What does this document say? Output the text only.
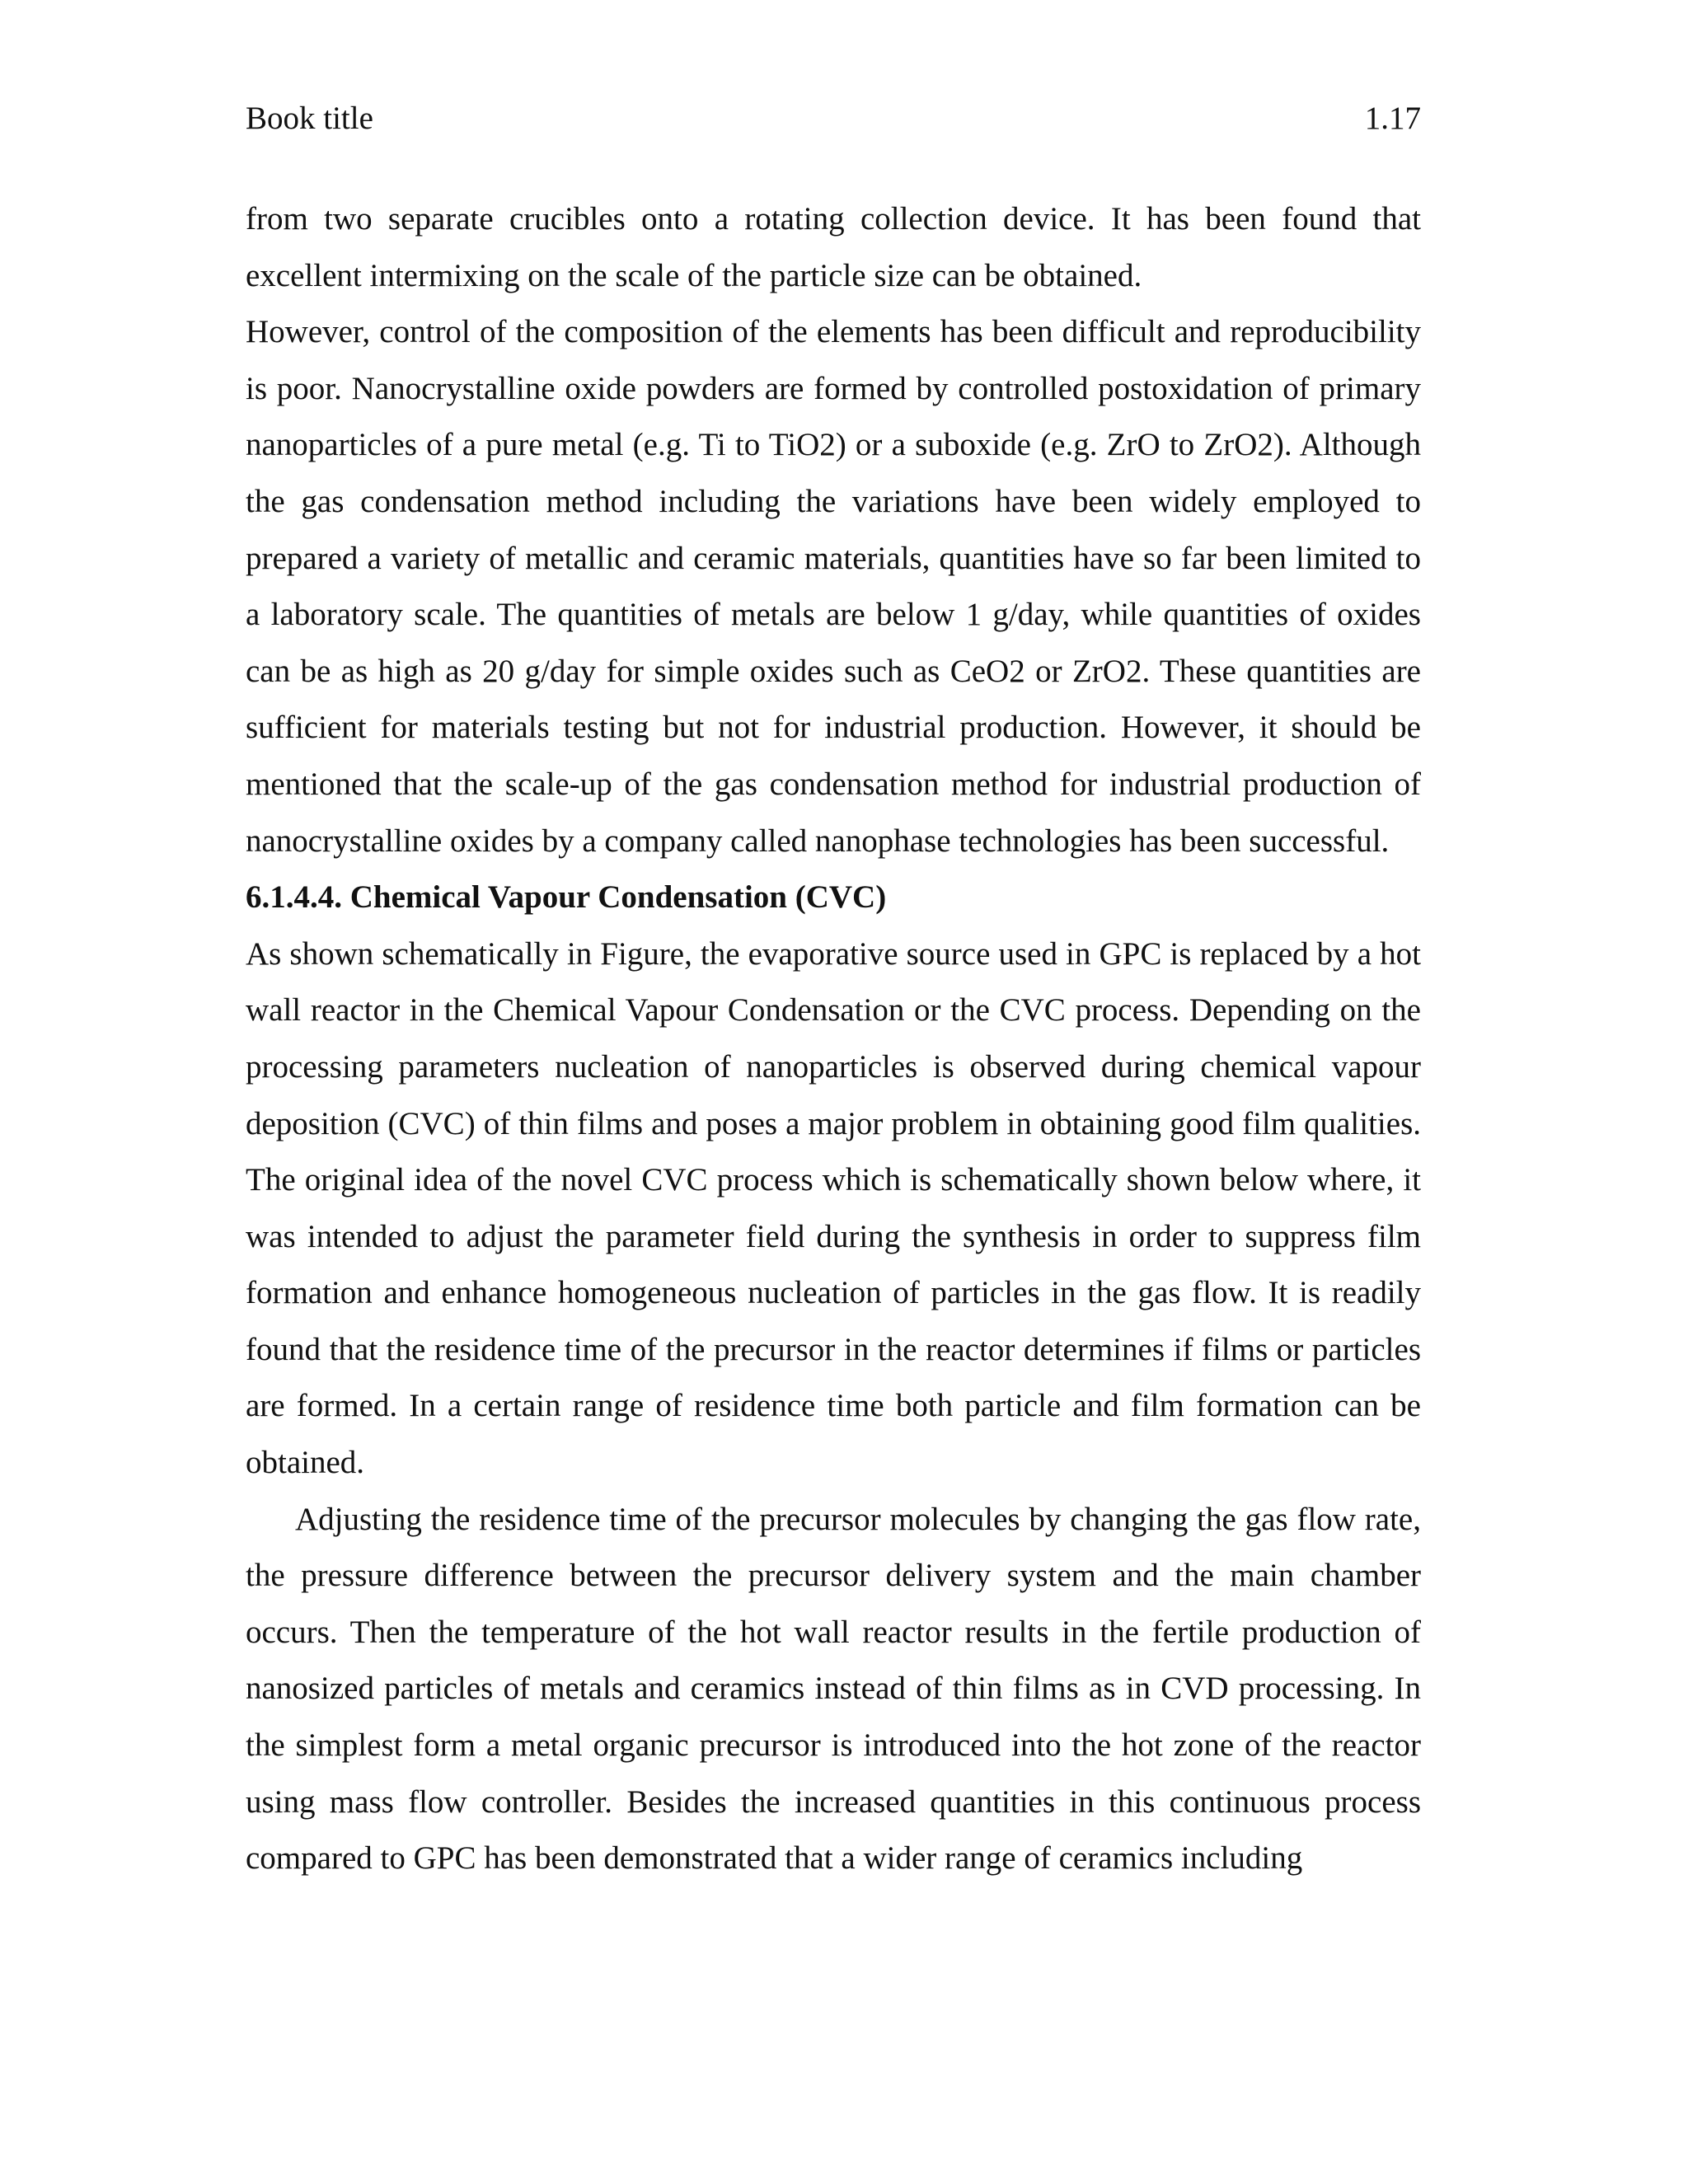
Book title	1.17

from two separate crucibles onto a rotating collection device. It has been found that excellent intermixing on the scale of the particle size can be obtained.

However, control of the composition of the elements has been difficult and reproducibility is poor. Nanocrystalline oxide powders are formed by controlled postoxidation of primary nanoparticles of a pure metal (e.g. Ti to TiO2) or a suboxide (e.g. ZrO to ZrO2). Although the gas condensation method including the variations have been widely employed to prepared a variety of metallic and ceramic materials, quantities have so far been limited to a laboratory scale. The quantities of metals are below 1 g/day, while quantities of oxides can be as high as 20 g/day for simple oxides such as CeO2 or ZrO2. These quantities are sufficient for materials testing but not for industrial production. However, it should be mentioned that the scale-up of the gas condensation method for industrial production of nanocrystalline oxides by a company called nanophase technologies has been successful.

6.1.4.4. Chemical Vapour Condensation (CVC)

As shown schematically in Figure, the evaporative source used in GPC is replaced by a hot wall reactor in the Chemical Vapour Condensation or the CVC process. Depending on the processing parameters nucleation of nanoparticles is observed during chemical vapour deposition (CVC) of thin films and poses a major problem in obtaining good film qualities. The original idea of the novel CVC process which is schematically shown below where, it was intended to adjust the parameter field during the synthesis in order to suppress film formation and enhance homogeneous nucleation of particles in the gas flow. It is readily found that the residence time of the precursor in the reactor determines if films or particles are formed. In a certain range of residence time both particle and film formation can be obtained.

Adjusting the residence time of the precursor molecules by changing the gas flow rate, the pressure difference between the precursor delivery system and the main chamber occurs. Then the temperature of the hot wall reactor results in the fertile production of nanosized particles of metals and ceramics instead of thin films as in CVD processing. In the simplest form a metal organic precursor is introduced into the hot zone of the reactor using mass flow controller. Besides the increased quantities in this continuous process compared to GPC has been demonstrated that a wider range of ceramics including
